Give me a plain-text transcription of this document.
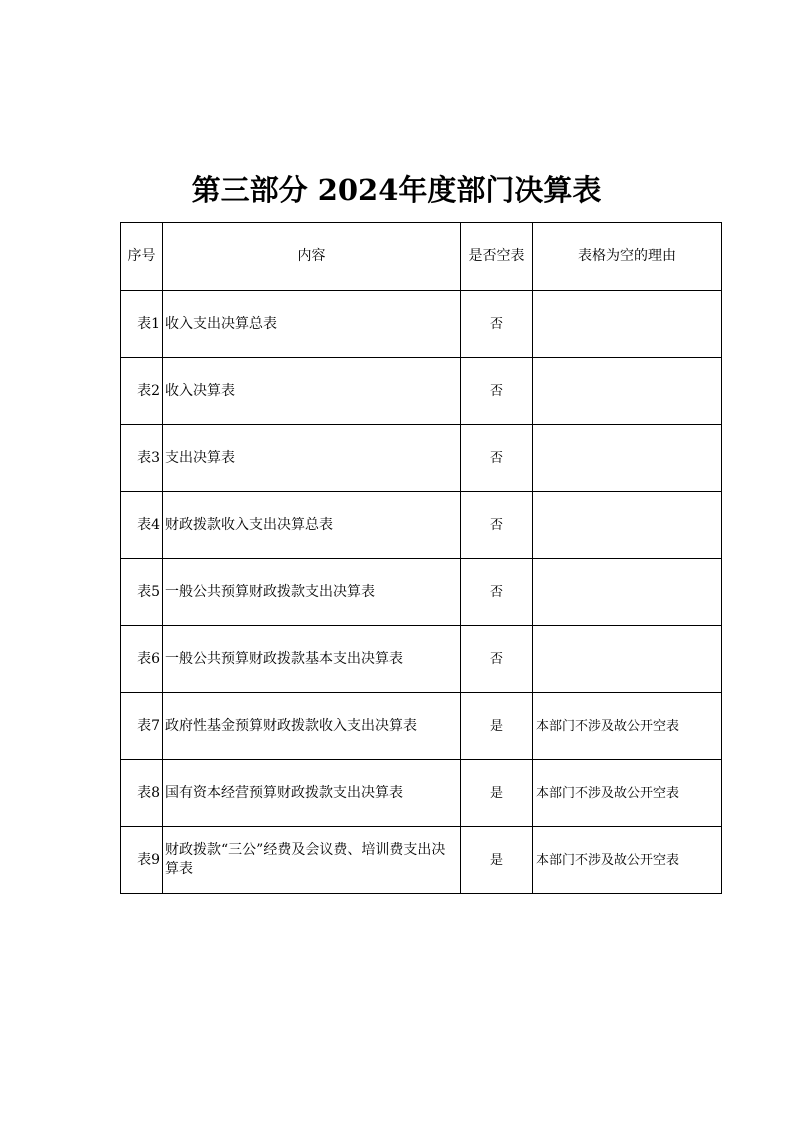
第三部分 2024年度部门决算表
序号	内容	是否空表	表格为空的理由
表1	收入支出决算总表	否	
表2	收入决算表	否	
表3	支出决算表	否	
表4	财政拨款收入支出决算总表	否	
表5	一般公共预算财政拨款支出决算表	否	
表6	一般公共预算财政拨款基本支出决算表	否	
表7	政府性基金预算财政拨款收入支出决算表	是	本部门不涉及故公开空表
表8	国有资本经营预算财政拨款支出决算表	是	本部门不涉及故公开空表
表9	财政拨款“三公”经费及会议费、培训费支出决算表	是	本部门不涉及故公开空表
